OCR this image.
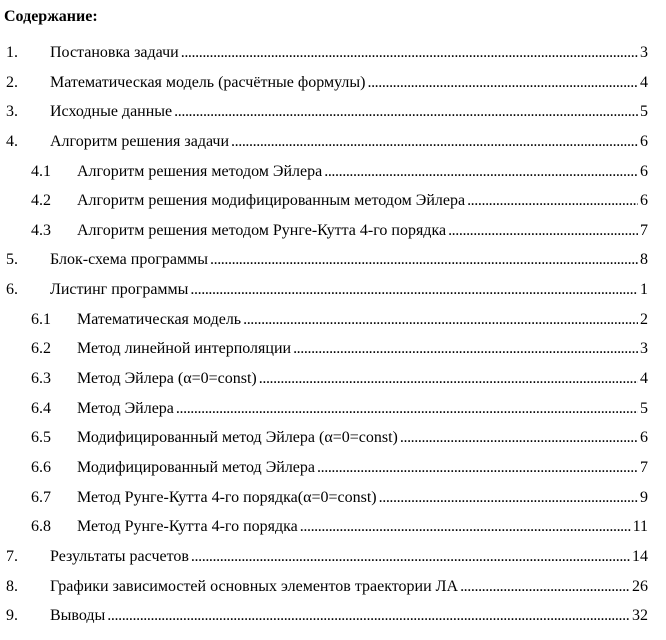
Содержание:
1.	Постановка задачи . . .	3
2.	Математическая модель (расчётные формулы) . . .	4
3.	Исходные данные . . .	5
4.	Алгоритм решения задачи . . .	6
4.1	Алгоритм решения методом Эйлера . . .	6
4.2	Алгоритм решения модифицированным методом Эйлера . . .	6
4.3	Алгоритм решения методом Рунге-Кутта 4-го порядка . . .	7
5.	Блок-схема программы . . .	8
6.	Листинг программы . . .	1
6.1	Математическая модель . . .	2
6.2	Метод линейной интерполяции . . .	3
6.3	Метод Эйлера (α=0=const) . . .	4
6.4	Метод Эйлера . . .	5
6.5	Модифицированный метод Эйлера (α=0=const) . . .	6
6.6	Модифицированный метод Эйлера . . .	7
6.7	Метод Рунге-Кутта 4-го порядка(α=0=const) . . .	9
6.8	Метод Рунге-Кутта 4-го порядка . . .	11
7.	Результаты расчетов . . .	14
8.	Графики зависимостей основных элементов траектории ЛА . . .	26
9.	Выводы . . .	32
